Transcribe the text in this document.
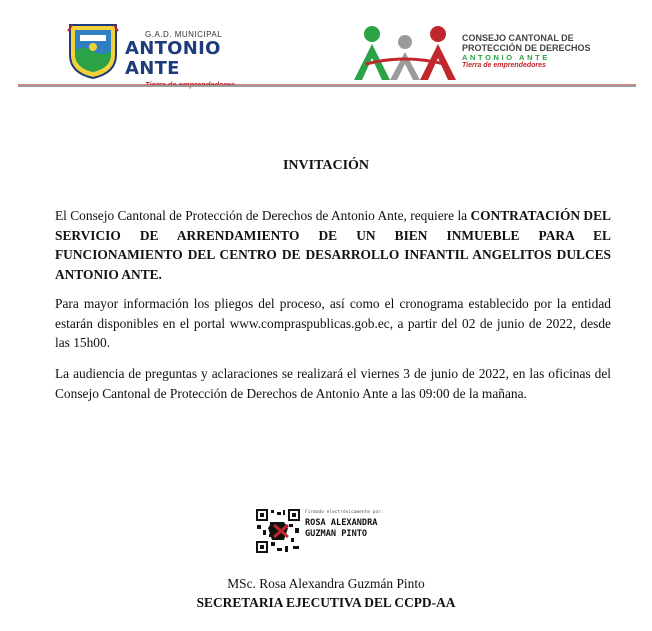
G.A.D. MUNICIPAL
ANTONIO ANTE
CONSEJO CANTONAL DE
PROTECCIÓN DE DERECHOS
ANTONIO ANTE
Tierra de emprendedores
INVITACIÓN
El Consejo Cantonal de Protección de Derechos de Antonio Ante, requiere la CONTRATACIÓN DEL SERVICIO DE ARRENDAMIENTO DE UN BIEN INMUEBLE PARA EL FUNCIONAMIENTO DEL CENTRO DE DESARROLLO INFANTIL ANGELITOS DULCES ANTONIO ANTE.
Para mayor información los pliegos del proceso, así como el cronograma establecido por la entidad estarán disponibles en el portal www.compraspublicas.gob.ec, a partir del 02 de junio de 2022, desde las 15h00.
La audiencia de preguntas y aclaraciones se realizará el viernes 3 de junio de 2022, en las oficinas del Consejo Cantonal de Protección de Derechos de Antonio Ante a las 09:00 de la mañana.
Firmado electrónicamente por:
ROSA ALEXANDRA
GUZMAN PINTO
MSc. Rosa Alexandra Guzmán Pinto
SECRETARIA EJECUTIVA DEL CCPD-AA
